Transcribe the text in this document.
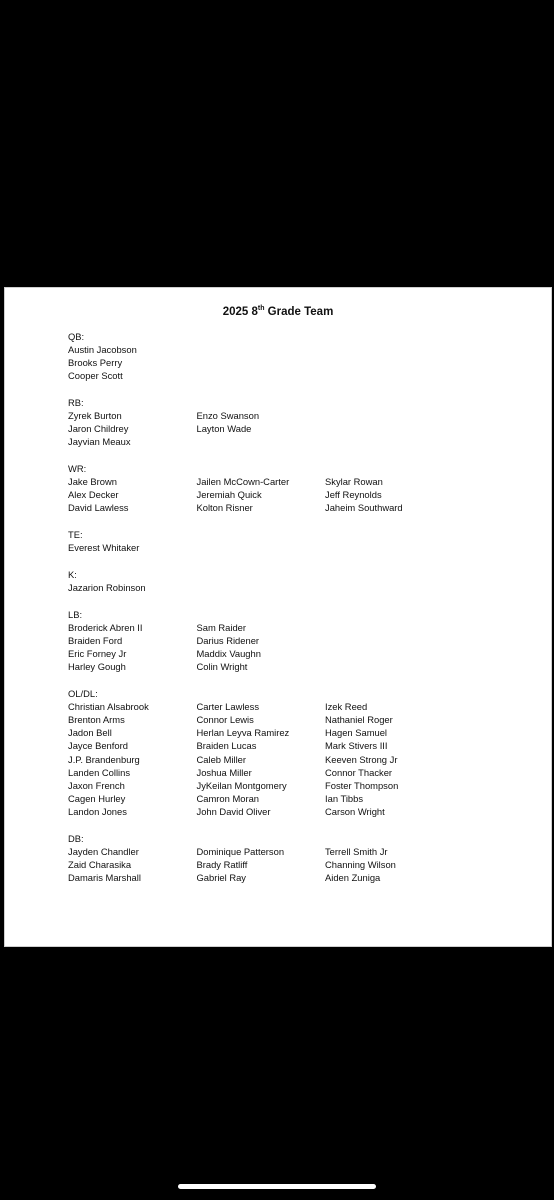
2025 8th Grade Team
QB:
Austin Jacobson
Brooks Perry
Cooper Scott
RB:
Zyrek Burton
Jaron Childrey
Jayvian Meaux
Enzo Swanson
Layton Wade
WR:
Jake Brown
Alex Decker
David Lawless
Jailen McCown-Carter
Jeremiah Quick
Kolton Risner
Skylar Rowan
Jeff Reynolds
Jaheim Southward
TE:
Everest Whitaker
K:
Jazarion Robinson
LB:
Broderick Abren II
Braiden Ford
Eric Forney Jr
Harley Gough
Sam Raider
Darius Ridener
Maddix Vaughn
Colin Wright
OL/DL:
Christian Alsabrook
Brenton Arms
Jadon Bell
Jayce Benford
J.P. Brandenburg
Landen Collins
Jaxon French
Cagen Hurley
Landon Jones
Carter Lawless
Connor Lewis
Herlan Leyva Ramirez
Braiden Lucas
Caleb Miller
Joshua Miller
JyKeilan Montgomery
Camron Moran
John David Oliver
Izek Reed
Nathaniel Roger
Hagen Samuel
Mark Stivers III
Keeven Strong Jr
Connor Thacker
Foster Thompson
Ian Tibbs
Carson Wright
DB:
Jayden Chandler
Zaid Charasika
Damaris Marshall
Dominique Patterson
Brady Ratliff
Gabriel Ray
Terrell Smith Jr
Channing Wilson
Aiden Zuniga
